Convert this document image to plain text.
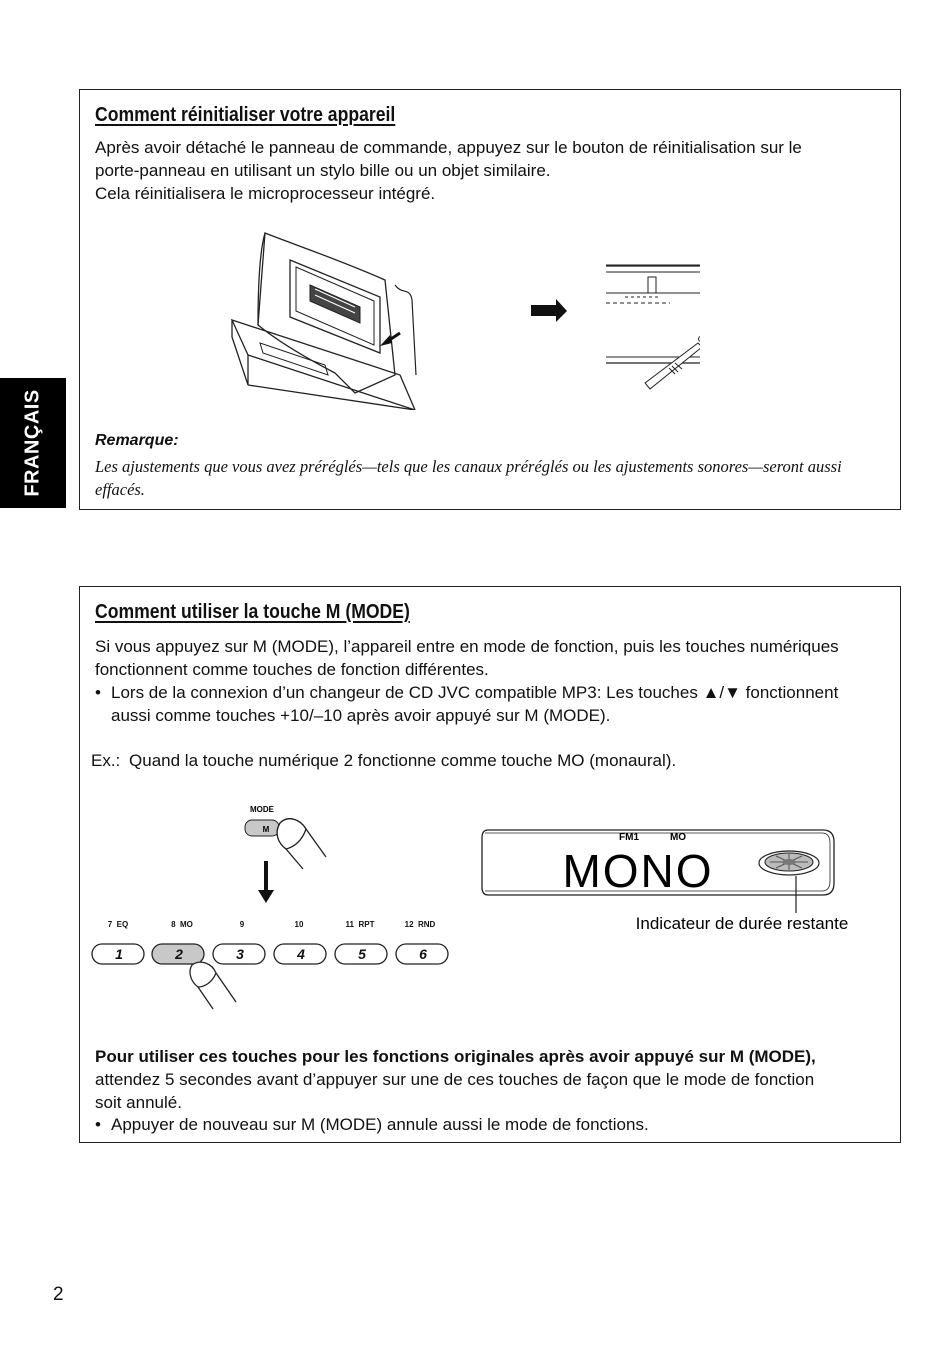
FRANÇAIS
Comment réinitialiser votre appareil
Après avoir détaché le panneau de commande, appuyez sur le bouton de réinitialisation sur le
porte-panneau en utilisant un stylo bille ou un objet similaire.
Cela réinitialisera le microprocesseur intégré.
Remarque:
Les ajustements que vous avez préréglés—tels que les canaux préréglés ou les ajustements sonores—seront aussi effacés.
Comment utiliser la touche M (MODE)
Si vous appuyez sur M (MODE), l’appareil entre en mode de fonction, puis les touches numériques
fonctionnent comme touches de fonction différentes.
• Lors de la connexion d’un changeur de CD JVC compatible MP3: Les touches ▲/▼ fonctionnent
aussi comme touches +10/–10 après avoir appuyé sur M (MODE).
Ex.: Quand la touche numérique 2 fonctionne comme touche MO (monaural).
MODE
M
7  EQ	8  MO	9	10	11  RPT	12  RND
1	2	3	4	5	6
FM1	MO
MONO
Indicateur de durée restante
Pour utiliser ces touches pour les fonctions originales après avoir appuyé sur M (MODE),
attendez 5 secondes avant d’appuyer sur une de ces touches de façon que le mode de fonction
soit annulé.
• Appuyer de nouveau sur M (MODE) annule aussi le mode de fonctions.
2
